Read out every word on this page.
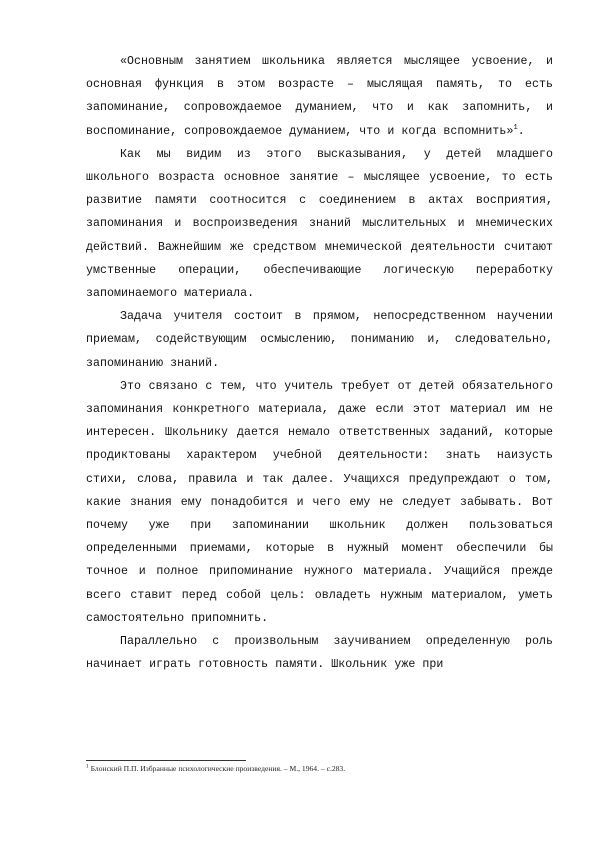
«Основным занятием школьника является мыслящее усвоение, и основная функция в этом возрасте – мыслящая память, то есть запоминание, сопровождаемое думанием, что и как запомнить, и воспоминание, сопровождаемое думанием, что и когда вспомнить»$^1$.

Как мы видим из этого высказывания, у детей младшего школьного возраста основное занятие – мыслящее усвоение, то есть развитие памяти соотносится с соединением в актах восприятия, запоминания и воспроизведения знаний мыслительных и мнемических действий. Важнейшим же средством мнемической деятельности считают умственные операции, обеспечивающие логическую переработку запоминаемого материала.

Задача учителя состоит в прямом, непосредственном научении приемам, содействующим осмыслению, пониманию и, следовательно, запоминанию знаний.

Это связано с тем, что учитель требует от детей обязательного запоминания конкретного материала, даже если этот материал им не интересен. Школьнику дается немало ответственных заданий, которые продиктованы характером учебной деятельности: знать наизусть стихи, слова, правила и так далее. Учащихся предупреждают о том, какие знания ему понадобится и чего ему не следует забывать. Вот почему уже при запоминании школьник должен пользоваться определенными приемами, которые в нужный момент обеспечили бы точное и полное припоминание нужного материала. Учащийся прежде всего ставит перед собой цель: овладеть нужным материалом, уметь самостоятельно припомнить.

Параллельно с произвольным заучиванием определенную роль начинает играть готовность памяти. Школьник уже при

$^1$ Блонский П.П. Избранные психологические произведения. – М., 1964. – с.283.
